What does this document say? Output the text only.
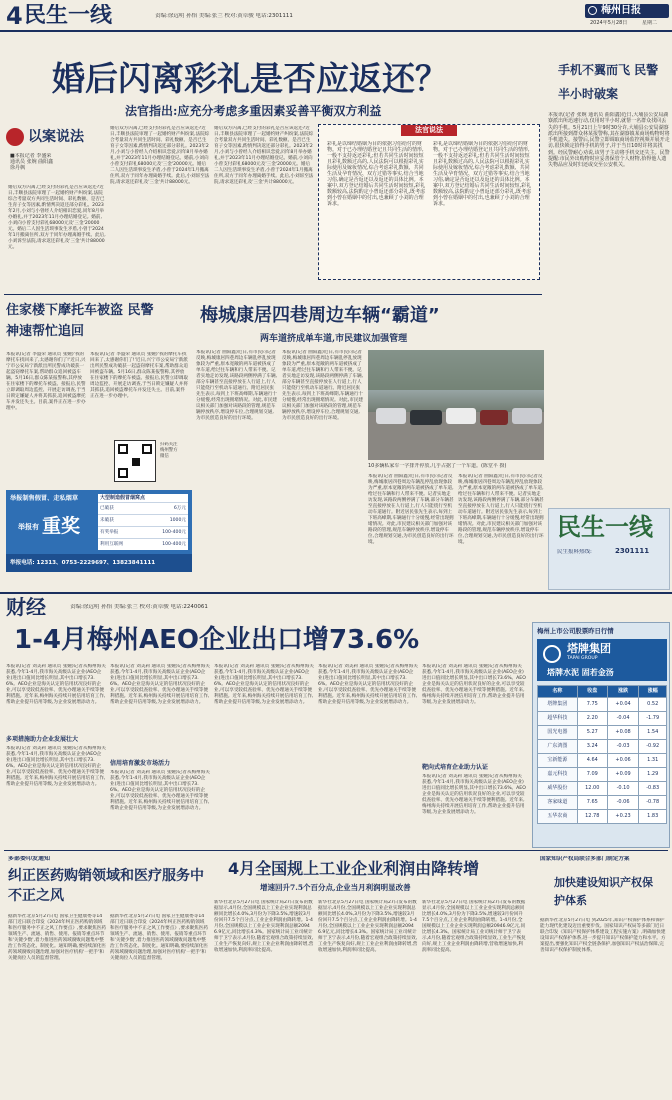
4 民生一线	责编:徐远明 孙怡 美编:张兰 校对:黄卓骏 电话:2301111	梅州日报
2024年5月28日	星期二
婚后闪离彩礼是否应返还？
法官指出:应充分考虑多重因素妥善平衡双方利益
以案说法
■本报记者 李盛荣
通讯员 张婉 曲阳鑫
徐丹枫
婚后双方闪离,已经支付的彩礼是否应该返还?近日,丰顺县法院审理了一起婚约财产纠纷案,法院综合考量双方共同生活时间、彩礼数额、是否已生育子女等因素,酌情判决返还部分彩礼。2023年2月,小刘与小曾经人介绍相识恋爱,同年8月举办婚礼,并于2023年11月办理结婚登记。婚前,小刘向小曾支付彩礼68000元及'三金'20000元。婚后二人因生活琐事发生矛盾,小曾于2024年1月搬离住所,双方于同年办理离婚手续。此后,小刘诉至法院,请求返还彩礼及'三金'共计88000元。
婚后双方闪离,已经支付的彩礼是否应该返还?近日,丰顺县法院审理了一起婚约财产纠纷案,法院综合考量双方共同生活时间、彩礼数额、是否已生育子女等因素,酌情判决返还部分彩礼。2023年2月,小刘与小曾经人介绍相识恋爱,同年8月举办婚礼,并于2023年11月办理结婚登记。婚前,小刘向小曾支付彩礼68000元及'三金'20000元。婚后二人因生活琐事发生矛盾,小曾于2024年1月搬离住所,双方于同年办理离婚手续。此后,小刘诉至法院,请求返还彩礼及'三金'共计88000元。
婚后双方闪离,已经支付的彩礼是否应该返还?近日,丰顺县法院审理了一起婚约财产纠纷案,法院综合考量双方共同生活时间、彩礼数额、是否已生育子女等因素,酌情判决返还部分彩礼。2023年2月,小刘与小曾经人介绍相识恋爱,同年8月举办婚礼,并于2023年11月办理结婚登记。婚前,小刘向小曾支付彩礼68000元及'三金'20000元。婚后二人因生活琐事发生矛盾,小曾于2024年1月搬离住所,双方于同年办理离婚手续。此后,小刘诉至法院,请求返还彩礼及'三金'共计88000元。
法官说法
彩礼是以缔结婚姻为目的依据习俗给付的财物。对于已办理结婚登记且共同生活的情形,一般不支持返还彩礼;但若共同生活时间较短且彩礼数额过高的,人民法院可以根据彩礼实际使用及嫁妆情况,综合考虑彩礼数额、共同生活及孕育情况、双方过错等事实,结合当地习俗,确定是否返还以及返还的具体比例。本案中,双方登记结婚后共同生活时间较短,彩礼数额较高,法院酌定小曾返还部分彩礼,既考虑到小曾在婚姻中的付出,也兼顾了小刘的合理诉求。
彩礼是以缔结婚姻为目的依据习俗给付的财物。对于已办理结婚登记且共同生活的情形,一般不支持返还彩礼;但若共同生活时间较短且彩礼数额过高的,人民法院可以根据彩礼实际使用及嫁妆情况,综合考虑彩礼数额、共同生活及孕育情况、双方过错等事实,结合当地习俗,确定是否返还以及返还的具体比例。本案中,双方登记结婚后共同生活时间较短,彩礼数额较高,法院酌定小曾返还部分彩礼,既考虑到小曾在婚姻中的付出,也兼顾了小刘的合理诉求。
手机不翼而飞 民警半小时破案
本报讯(记者 张婉 通讯员 曲阳鑫)近日,大埔县公安局湖寮派出所迅速行动,仅用时半小时,就帮一名群众找回丢失的手机。5月21日上午9时30分许,大埔县公安局湖寮派出所接到群众林某报警称,其在湖寮镇某商场购物时将手机遗失。接警后,民警立即调取商场监控视频并展开走访,很快锁定拾得手机的男子,并于当日10时许将其找到。经民警耐心劝说,该男子主动将手机交还失主。民警提醒:市民外出购物时应妥善保管个人财物,拾得他人遗失物品应及时归还或交至公安机关。
住家楼下摩托车被盗 民警神速帮忙追回
本报讯(记者 李盛荣 通讯员 张婉)'我的摩托车找回来了,太感谢你们了!'近日,兴宁市公安局宁新派出所民警成功破获一起盗窃摩托车案,帮助群众追回被盗车辆。5月16日,群众陈某报警称,其停放在住家楼下的摩托车被盗。接报后,民警立即调取周边监控、开展走访调查,于当日锁定嫌疑人并将其抓获,追回被盗摩托车并发还失主。目前,案件正在进一步办理中。
本报讯(记者 李盛荣 通讯员 张婉)'我的摩托车找回来了,太感谢你们了!'近日,兴宁市公安局宁新派出所民警成功破获一起盗窃摩托车案,帮助群众追回被盗车辆。5月16日,群众陈某报警称,其停放在住家楼下的摩托车被盗。接报后,民警立即调取周边监控、开展走访调查,于当日锁定嫌疑人并将其抓获,追回被盗摩托车并发还失主。目前,案件正在进一步办理中。
扫码关注
梅州警方
微信
举报制售假冒、走私烟草
举报有 重奖
大型制造假冒烟窝点
已破获	6万元
未破获	1000元
有奖举报	100-400元
利用互联网	100-400元
举报电话: 12313、0753-2229697、13823841111
梅城康居四巷周边车辆“霸道”
两车道挤成单车道,市民建议加强管理
本报讯(记者 曲阳鑫)近日,有市民向记者反映,梅城康居四巷周边车辆乱停乱放现象较为严重,原本宽敞的两车道被挤成了单车道,给过往车辆和行人带来不便。记者实地走访发现,该路段两侧停满了车辆,部分车辆甚至直接停放在人行道上,行人只能绕行至机动车道通行。附近居民张先生表示,每到上下班高峰期,车辆通行十分缓慢,经常出现拥堵情况。对此,市民建议相关部门加强对该路段的管理,规范车辆停放秩序,增设停车位,合理规划交通,为市民创造良好的出行环境。
本报讯(记者 曲阳鑫)近日,有市民向记者反映,梅城康居四巷周边车辆乱停乱放现象较为严重,原本宽敞的两车道被挤成了单车道,给过往车辆和行人带来不便。记者实地走访发现,该路段两侧停满了车辆,部分车辆甚至直接停放在人行道上,行人只能绕行至机动车道通行。附近居民张先生表示,每到上下班高峰期,车辆通行十分缓慢,经常出现拥堵情况。对此,市民建议相关部门加强对该路段的管理,规范车辆停放秩序,增设停车位,合理规划交通,为市民创造良好的出行环境。
10多辆私家车一字排开停放,几乎占据了一个车道。(陈堂平 摄)
本报讯(记者 曲阳鑫)近日,有市民向记者反映,梅城康居四巷周边车辆乱停乱放现象较为严重,原本宽敞的两车道被挤成了单车道,给过往车辆和行人带来不便。记者实地走访发现,该路段两侧停满了车辆,部分车辆甚至直接停放在人行道上,行人只能绕行至机动车道通行。附近居民张先生表示,每到上下班高峰期,车辆通行十分缓慢,经常出现拥堵情况。对此,市民建议相关部门加强对该路段的管理,规范车辆停放秩序,增设停车位,合理规划交通,为市民创造良好的出行环境。
本报讯(记者 曲阳鑫)近日,有市民向记者反映,梅城康居四巷周边车辆乱停乱放现象较为严重,原本宽敞的两车道被挤成了单车道,给过往车辆和行人带来不便。记者实地走访发现,该路段两侧停满了车辆,部分车辆甚至直接停放在人行道上,行人只能绕行至机动车道通行。附近居民张先生表示,每到上下班高峰期,车辆通行十分缓慢,经常出现拥堵情况。对此,市民建议相关部门加强对该路段的管理,规范车辆停放秩序,增设停车位,合理规划交通,为市民创造良好的出行环境。
民生一线
民生报料热线:	2301111
财经	责编:徐远明 孙怡 美编:张兰 校对:黄卓骏 电话:2240061
1-4月梅州AEO企业出口增73.6%
本报讯(记者 刘美莉 通讯员 张婉)记者从梅州海关获悉,今年1-4月,我市海关高级认证企业(AEO企业)进出口值同比增长明显,其中出口增长73.6%。AEO企业是海关认定的信用状况良好的企业,可以享受较低查验率、优先办理通关手续等便利措施。近年来,梅州海关持续开展信用培育工作,帮助企业提升信用等级,为企业发展增添动力。
多项措施助力企业发展壮大
本报讯(记者 刘美莉 通讯员 张婉)记者从梅州海关获悉,今年1-4月,我市海关高级认证企业(AEO企业)进出口值同比增长明显,其中出口增长73.6%。AEO企业是海关认定的信用状况良好的企业,可以享受较低查验率、优先办理通关手续等便利措施。近年来,梅州海关持续开展信用培育工作,帮助企业提升信用等级,为企业发展增添动力。
本报讯(记者 刘美莉 通讯员 张婉)记者从梅州海关获悉,今年1-4月,我市海关高级认证企业(AEO企业)进出口值同比增长明显,其中出口增长73.6%。AEO企业是海关认定的信用状况良好的企业,可以享受较低查验率、优先办理通关手续等便利措施。近年来,梅州海关持续开展信用培育工作,帮助企业提升信用等级,为企业发展增添动力。
信用培育激发市场活力
本报讯(记者 刘美莉 通讯员 张婉)记者从梅州海关获悉,今年1-4月,我市海关高级认证企业(AEO企业)进出口值同比增长明显,其中出口增长73.6%。AEO企业是海关认定的信用状况良好的企业,可以享受较低查验率、优先办理通关手续等便利措施。近年来,梅州海关持续开展信用培育工作,帮助企业提升信用等级,为企业发展增添动力。
本报讯(记者 刘美莉 通讯员 张婉)记者从梅州海关获悉,今年1-4月,我市海关高级认证企业(AEO企业)进出口值同比增长明显,其中出口增长73.6%。AEO企业是海关认定的信用状况良好的企业,可以享受较低查验率、优先办理通关手续等便利措施。近年来,梅州海关持续开展信用培育工作,帮助企业提升信用等级,为企业发展增添动力。
本报讯(记者 刘美莉 通讯员 张婉)记者从梅州海关获悉,今年1-4月,我市海关高级认证企业(AEO企业)进出口值同比增长明显,其中出口增长73.6%。AEO企业是海关认定的信用状况良好的企业,可以享受较低查验率、优先办理通关手续等便利措施。近年来,梅州海关持续开展信用培育工作,帮助企业提升信用等级,为企业发展增添动力。
本报讯(记者 刘美莉 通讯员 张婉)记者从梅州海关获悉,今年1-4月,我市海关高级认证企业(AEO企业)进出口值同比增长明显,其中出口增长73.6%。AEO企业是海关认定的信用状况良好的企业,可以享受较低查验率、优先办理通关手续等便利措施。近年来,梅州海关持续开展信用培育工作,帮助企业提升信用等级,为企业发展增添动力。
靶向式培育企业助力认证
本报讯(记者 刘美莉 通讯员 张婉)记者从梅州海关获悉,今年1-4月,我市海关高级认证企业(AEO企业)进出口值同比增长明显,其中出口增长73.6%。AEO企业是海关认定的信用状况良好的企业,可以享受较低查验率、优先办理通关手续等便利措施。近年来,梅州海关持续开展信用培育工作,帮助企业提升信用等级,为企业发展增添动力。
梅州上市公司股票昨日行情
塔牌集团
TAPAI GROUP
塔牌水泥 固若金汤
名称	收盘	涨跌	涨幅
塔牌集团	7.75	+0.04	0.52
超华科技	2.20	-0.04	-1.79
国光电器	5.27	+0.08	1.54
广东鸿图	3.24	-0.03	-0.92
宝新能源	4.64	+0.06	1.31
嘉元科技	7.09	+0.09	1.29
威华股份	12.00	-0.10	-0.83
客家味道	7.65	-0.06	-0.78
五华农商	12.78	+0.23	1.83
多部委印发通知
纠正医药购销领域和医疗服务中不正之风
据新华社北京5月27日电 国家卫生健康委等14部门近日联合印发《2024年纠正医药购销领域和医疗服务中不正之风工作要点》,要求聚焦医药领域生产、流通、销售、使用、报销等重点环节和'关键少数',着力推进医药领域腐败问题集中整治工作常态化、制度化。通知明确,要持续深化医药领域腐败问题治理,加强对医疗机构'一把手'和关键岗位人员的监督管理。
据新华社北京5月27日电 国家卫生健康委等14部门近日联合印发《2024年纠正医药购销领域和医疗服务中不正之风工作要点》,要求聚焦医药领域生产、流通、销售、使用、报销等重点环节和'关键少数',着力推进医药领域腐败问题集中整治工作常态化、制度化。通知明确,要持续深化医药领域腐败问题治理,加强对医疗机构'一把手'和关键岗位人员的监督管理。
4月全国规上工业企业利润由降转增
增速回升7.5个百分点,企业当月利润明显改善
新华社北京5月27日电 国家统计局27日发布的数据显示,4月份,全国规模以上工业企业实现利润总额同比增长4.0%,3月份为下降3.5%,增速较3月份回升7.5个百分点,工业企业利润由降转增。1-4月份,全国规模以上工业企业实现利润总额20946.9亿元,同比增长4.3%。国家统计局工业司统计师于卫宁表示,4月份,随着宏观组合政策持续显效,工业生产恢复向好,规上工业企业利润由降转增,营收增速加快,利润率同比提高。
新华社北京5月27日电 国家统计局27日发布的数据显示,4月份,全国规模以上工业企业实现利润总额同比增长4.0%,3月份为下降3.5%,增速较3月份回升7.5个百分点,工业企业利润由降转增。1-4月份,全国规模以上工业企业实现利润总额20946.9亿元,同比增长4.3%。国家统计局工业司统计师于卫宁表示,4月份,随着宏观组合政策持续显效,工业生产恢复向好,规上工业企业利润由降转增,营收增速加快,利润率同比提高。
新华社北京5月27日电 国家统计局27日发布的数据显示,4月份,全国规模以上工业企业实现利润总额同比增长4.0%,3月份为下降3.5%,增速较3月份回升7.5个百分点,工业企业利润由降转增。1-4月份,全国规模以上工业企业实现利润总额20946.9亿元,同比增长4.3%。国家统计局工业司统计师于卫宁表示,4月份,随着宏观组合政策持续显效,工业生产恢复向好,规上工业企业利润由降转增,营收增速加快,利润率同比提高。
国家知识产权局联合多部门制定方案
加快建设知识产权保护体系
据新华社北京5月27日电 到2025年,知识产权保护体系和保护能力现代化建设迈出重要步伐。国家知识产权局等多部门近日联合印发《知识产权保护体系建设工程实施方案》,明确加快建设知识产权保护体系,进一步提升知识产权保护能力和水平。方案提出,要强化知识产权全链条保护,加强知识产权法治保障,完善知识产权保护制度体系。
